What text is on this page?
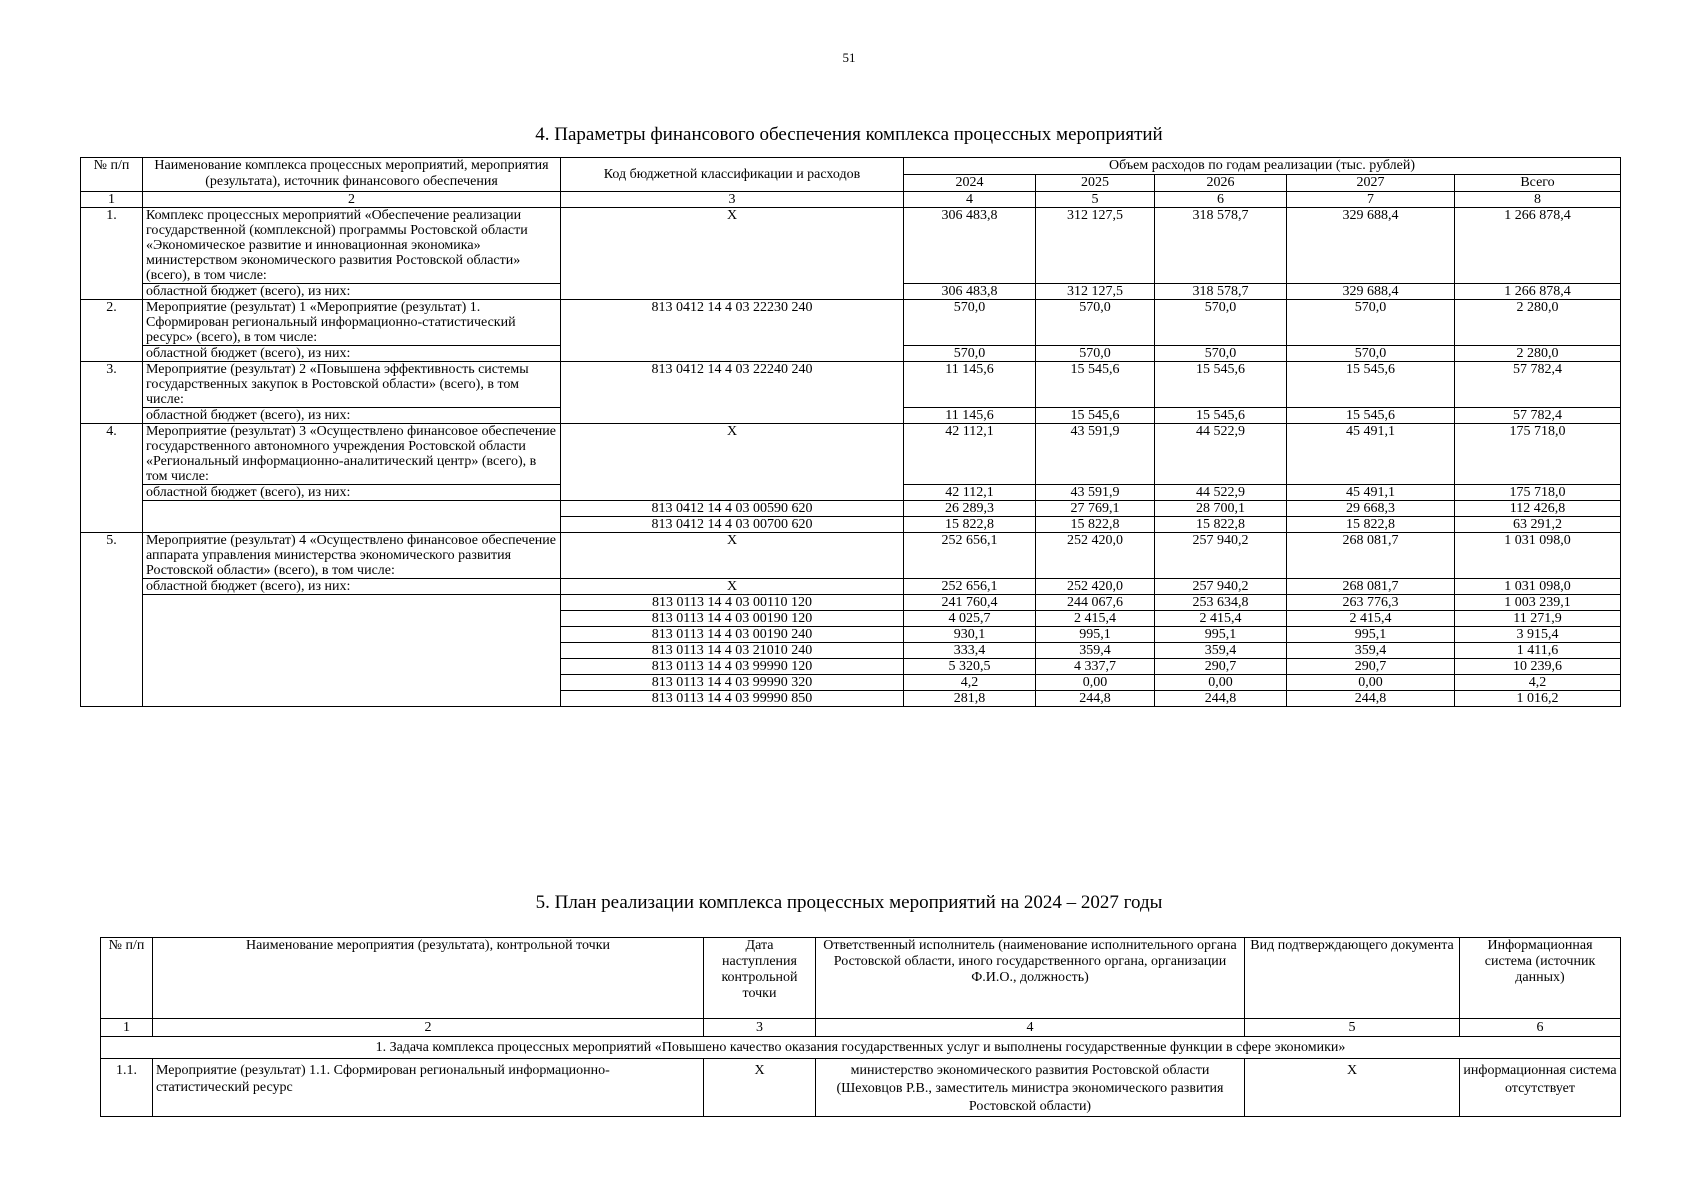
51
4. Параметры финансового обеспечения комплекса процессных мероприятий
№ п/п	Наименование комплекса процессных мероприятий, мероприятия (результата), источник финансового обеспечения	Код бюджетной классификации и расходов	Объем расходов по годам реализации (тыс. рублей)				
			2024	2025	2026	2027	Всего
1	2	3	4	5	6	7	8
1.	Комплекс процессных мероприятий «Обеспечение реализации государственной (комплексной) программы Ростовской области «Экономическое развитие и инновационная экономика» министерством экономического развития Ростовской области» (всего), в том числе:	X	306 483,8	312 127,5	318 578,7	329 688,4	1 266 878,4
	областной бюджет (всего), из них:		306 483,8	312 127,5	318 578,7	329 688,4	1 266 878,4
2.	Мероприятие (результат) 1 «Мероприятие (результат) 1. Сформирован региональный информационно-статистический ресурс» (всего), в том числе:	813 0412 14 4 03 22230 240	570,0	570,0	570,0	570,0	2 280,0
	областной бюджет (всего), из них:		570,0	570,0	570,0	570,0	2 280,0
3.	Мероприятие (результат) 2 «Повышена эффективность системы государственных закупок в Ростовской области» (всего), в том числе:	813 0412 14 4 03 22240 240	11 145,6	15 545,6	15 545,6	15 545,6	57 782,4
	областной бюджет (всего), из них:		11 145,6	15 545,6	15 545,6	15 545,6	57 782,4
4.	Мероприятие (результат) 3 «Осуществлено финансовое обеспечение государственного автономного учреждения Ростовской области «Региональный информационно-аналитический центр» (всего), в том числе:	X	42 112,1	43 591,9	44 522,9	45 491,1	175 718,0
	областной бюджет (всего), из них:		42 112,1	43 591,9	44 522,9	45 491,1	175 718,0
		813 0412 14 4 03 00590 620	26 289,3	27 769,1	28 700,1	29 668,3	112 426,8
		813 0412 14 4 03 00700 620	15 822,8	15 822,8	15 822,8	15 822,8	63 291,2
5.	Мероприятие (результат) 4 «Осуществлено финансовое обеспечение аппарата управления министерства экономического развития Ростовской области» (всего), в том числе:	X	252 656,1	252 420,0	257 940,2	268 081,7	1 031 098,0
	областной бюджет (всего), из них:	X	252 656,1	252 420,0	257 940,2	268 081,7	1 031 098,0
		813 0113 14 4 03 00110 120	241 760,4	244 067,6	253 634,8	263 776,3	1 003 239,1
		813 0113 14 4 03 00190 120	4 025,7	2 415,4	2 415,4	2 415,4	11 271,9
		813 0113 14 4 03 00190 240	930,1	995,1	995,1	995,1	3 915,4
		813 0113 14 4 03 21010 240	333,4	359,4	359,4	359,4	1 411,6
		813 0113 14 4 03 99990 120	5 320,5	4 337,7	290,7	290,7	10 239,6
		813 0113 14 4 03 99990 320	4,2	0,00	0,00	0,00	4,2
		813 0113 14 4 03 99990 850	281,8	244,8	244,8	244,8	1 016,2
5. План реализации комплекса процессных мероприятий на 2024 – 2027 годы
№ п/п	Наименование мероприятия (результата), контрольной точки	Дата наступления контрольной точки	Ответственный исполнитель (наименование исполнительного органа Ростовской области, иного государственного органа, организации Ф.И.О., должность)	Вид подтверждающего документа	Информационная система (источник данных)
1	2	3	4	5	6
1. Задача комплекса процессных мероприятий «Повышено качество оказания государственных услуг и выполнены государственные функции в сфере экономики»					
1.1.	Мероприятие (результат) 1.1. Сформирован региональный информационно-статистический ресурс	X	министерство экономического развития Ростовской области (Шеховцов Р.В., заместитель министра экономического развития Ростовской области)	X	информационная система отсутствует
